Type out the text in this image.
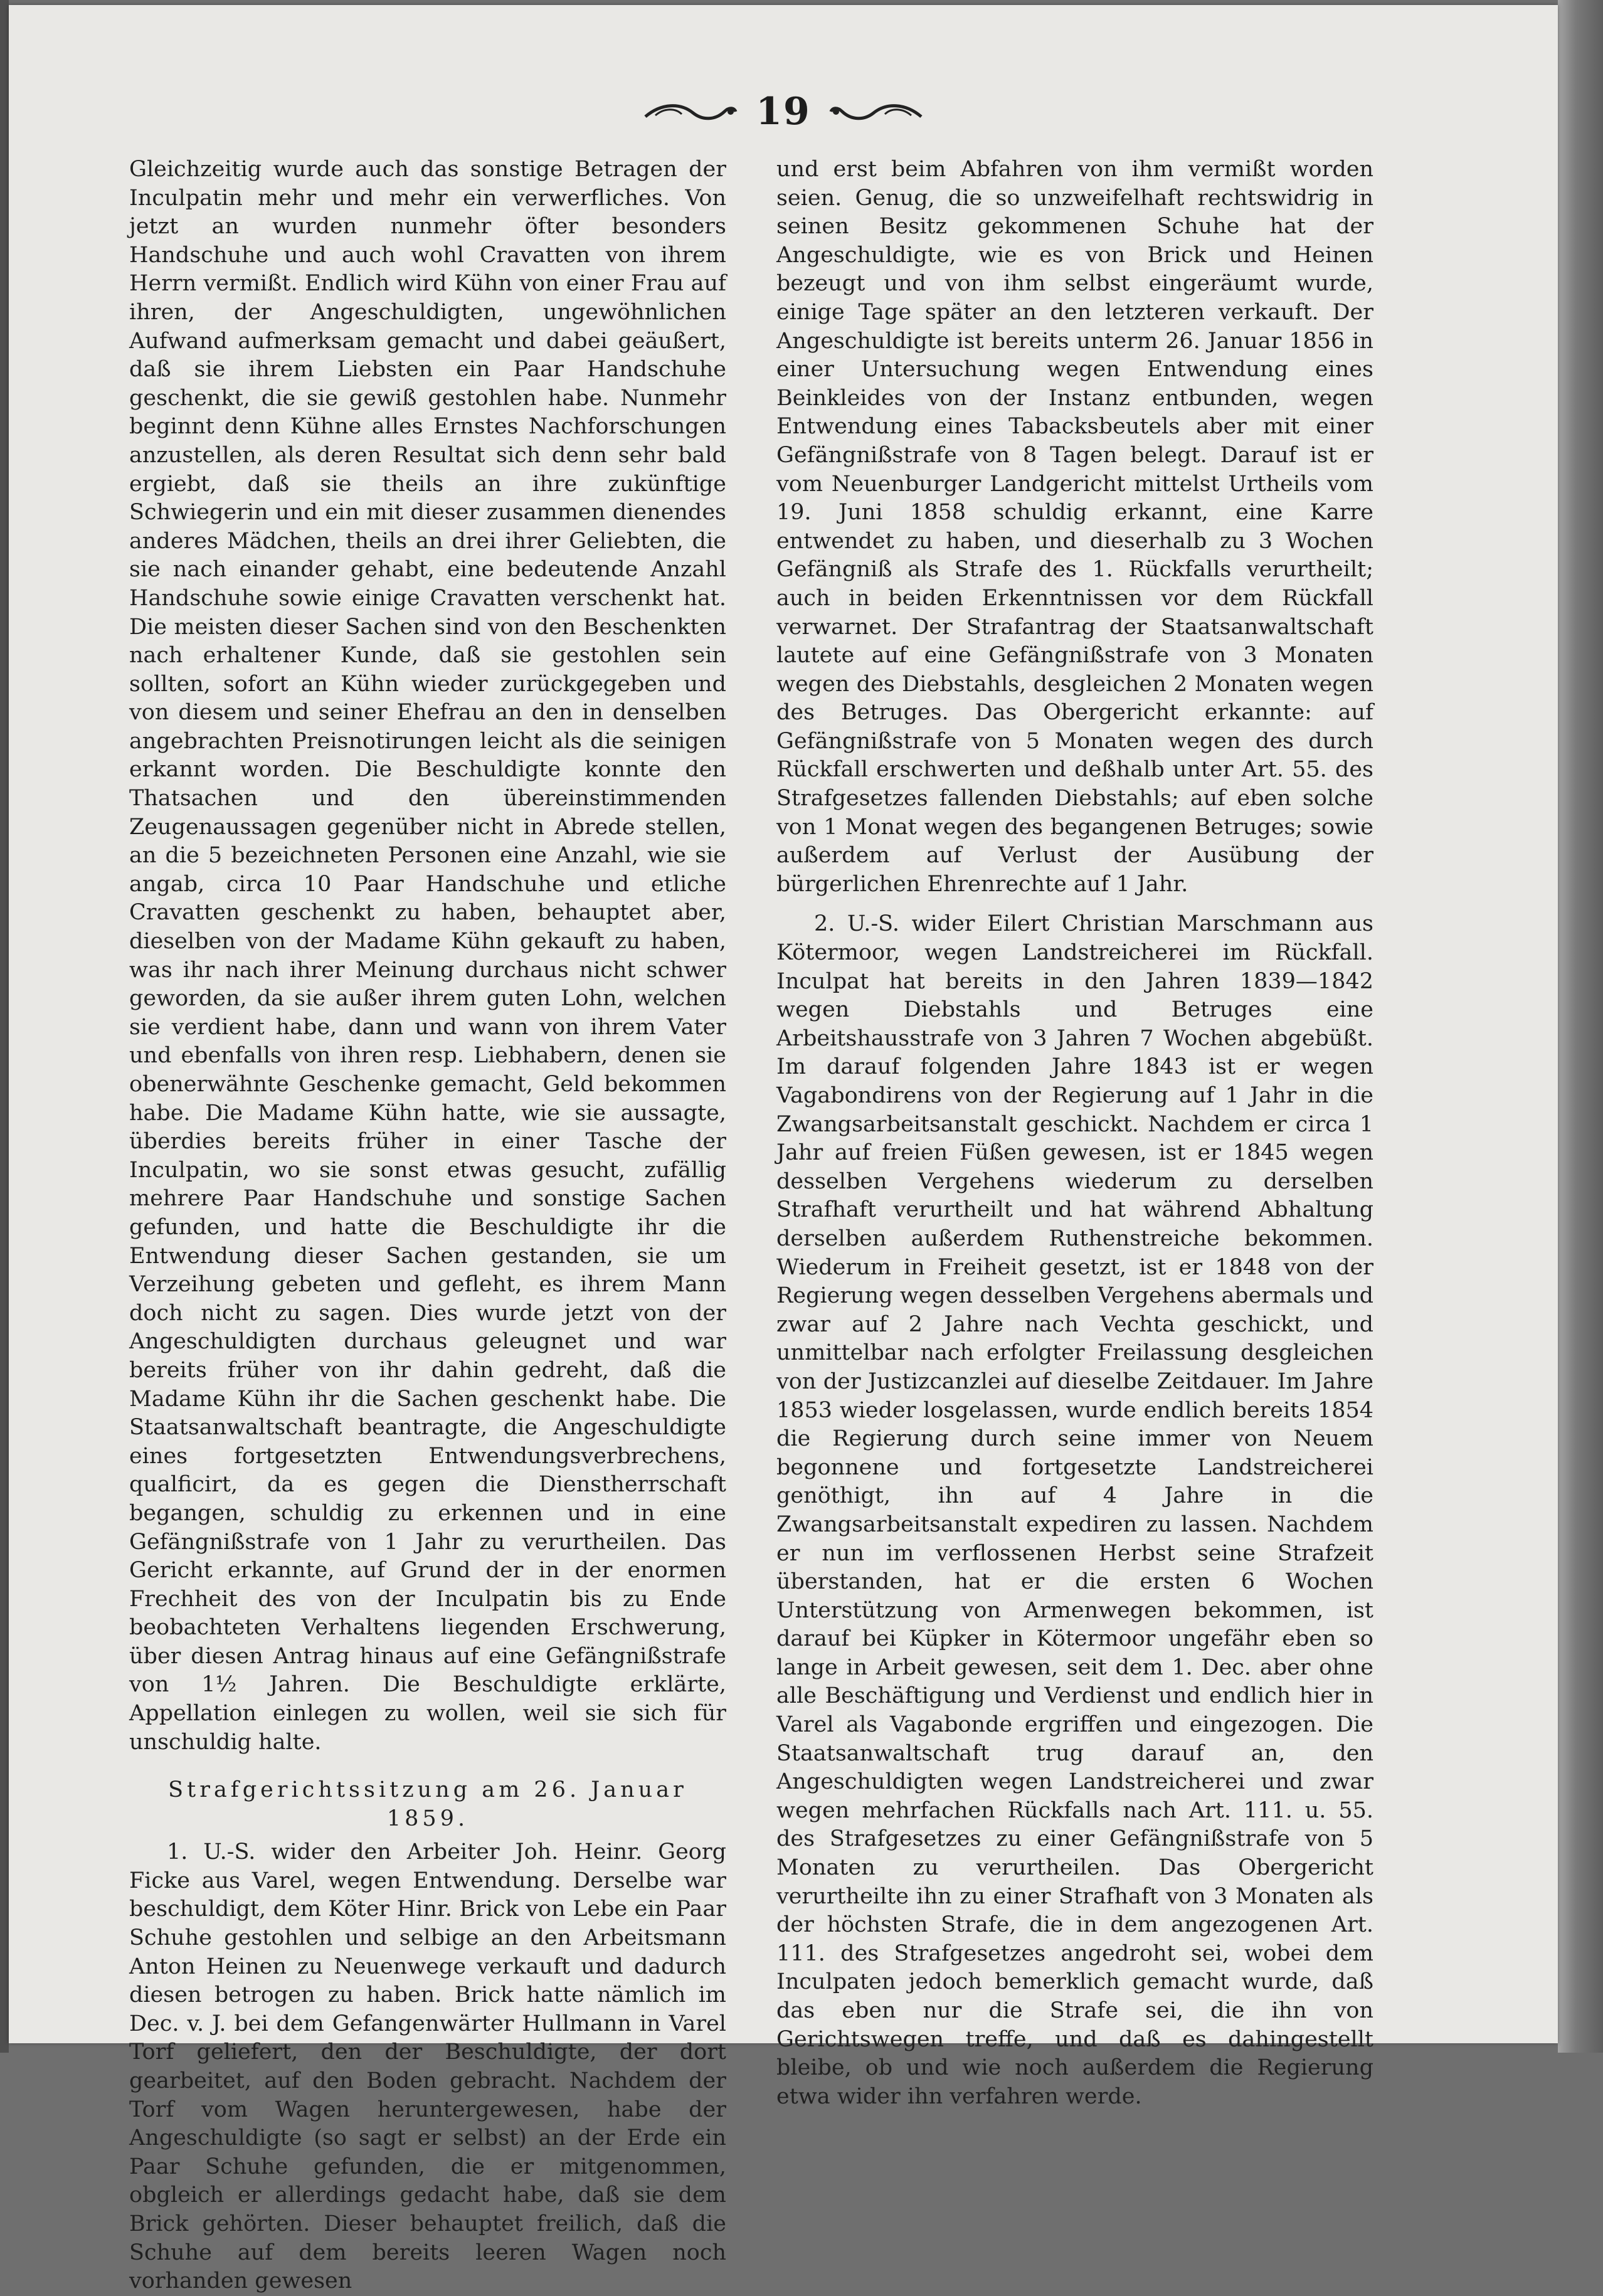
19

Gleichzeitig wurde auch das sonstige Betragen der Inculpatin mehr und mehr ein verwerfliches. Von jetzt an wurden nunmehr öfter besonders Handschuhe und auch wohl Cravatten von ihrem Herrn vermißt. Endlich wird Kühn von einer Frau auf ihren, der Angeschuldigten, ungewöhnlichen Aufwand aufmerksam gemacht und dabei geäußert, daß sie ihrem Liebsten ein Paar Handschuhe geschenkt, die sie gewiß gestohlen habe. Nunmehr beginnt denn Kühne alles Ernstes Nachforschungen anzustellen, als deren Resultat sich denn sehr bald ergiebt, daß sie theils an ihre zukünftige Schwiegerin und ein mit dieser zusammen dienendes anderes Mädchen, theils an drei ihrer Geliebten, die sie nach einander gehabt, eine bedeutende Anzahl Handschuhe sowie einige Cravatten verschenkt hat. Die meisten dieser Sachen sind von den Beschenkten nach erhaltener Kunde, daß sie gestohlen sein sollten, sofort an Kühn wieder zurückgegeben und von diesem und seiner Ehefrau an den in denselben angebrachten Preisnotirungen leicht als die seinigen erkannt worden. Die Beschuldigte konnte den Thatsachen und den übereinstimmenden Zeugenaussagen gegenüber nicht in Abrede stellen, an die 5 bezeichneten Personen eine Anzahl, wie sie angab, circa 10 Paar Handschuhe und etliche Cravatten geschenkt zu haben, behauptet aber, dieselben von der Madame Kühn gekauft zu haben, was ihr nach ihrer Meinung durchaus nicht schwer geworden, da sie außer ihrem guten Lohn, welchen sie verdient habe, dann und wann von ihrem Vater und ebenfalls von ihren resp. Liebhabern, denen sie obenerwähnte Geschenke gemacht, Geld bekommen habe. Die Madame Kühn hatte, wie sie aussagte, überdies bereits früher in einer Tasche der Inculpatin, wo sie sonst etwas gesucht, zufällig mehrere Paar Handschuhe und sonstige Sachen gefunden, und hatte die Beschuldigte ihr die Entwendung dieser Sachen gestanden, sie um Verzeihung gebeten und gefleht, es ihrem Mann doch nicht zu sagen. Dies wurde jetzt von der Angeschuldigten durchaus geleugnet und war bereits früher von ihr dahin gedreht, daß die Madame Kühn ihr die Sachen geschenkt habe. Die Staatsanwaltschaft beantragte, die Angeschuldigte eines fortgesetzten Entwendungsverbrechens, qualficirt, da es gegen die Dienstherrschaft begangen, schuldig zu erkennen und in eine Gefängnißstrafe von 1 Jahr zu verurtheilen. Das Gericht erkannte, auf Grund der in der enormen Frechheit des von der Inculpatin bis zu Ende beobachteten Verhaltens liegenden Erschwerung, über diesen Antrag hinaus auf eine Gefängnißstrafe von 1½ Jahren. Die Beschuldigte erklärte, Appellation einlegen zu wollen, weil sie sich für unschuldig halte.

Strafgerichtssitzung am 26. Januar 1859.

1. U.-S. wider den Arbeiter Joh. Heinr. Georg Ficke aus Varel, wegen Entwendung. Derselbe war beschuldigt, dem Köter Hinr. Brick von Lebe ein Paar Schuhe gestohlen und selbige an den Arbeitsmann Anton Heinen zu Neuenwege verkauft und dadurch diesen betrogen zu haben. Brick hatte nämlich im Dec. v. J. bei dem Gefangenwärter Hullmann in Varel Torf geliefert, den der Beschuldigte, der dort gearbeitet, auf den Boden gebracht. Nachdem der Torf vom Wagen heruntergewesen, habe der Angeschuldigte (so sagt er selbst) an der Erde ein Paar Schuhe gefunden, die er mitgenommen, obgleich er allerdings gedacht habe, daß sie dem Brick gehörten. Dieser behauptet freilich, daß die Schuhe auf dem bereits leeren Wagen noch vorhanden gewesen

und erst beim Abfahren von ihm vermißt worden seien. Genug, die so unzweifelhaft rechtswidrig in seinen Besitz gekommenen Schuhe hat der Angeschuldigte, wie es von Brick und Heinen bezeugt und von ihm selbst eingeräumt wurde, einige Tage später an den letzteren verkauft. Der Angeschuldigte ist bereits unterm 26. Januar 1856 in einer Untersuchung wegen Entwendung eines Beinkleides von der Instanz entbunden, wegen Entwendung eines Tabacksbeutels aber mit einer Gefängnißstrafe von 8 Tagen belegt. Darauf ist er vom Neuenburger Landgericht mittelst Urtheils vom 19. Juni 1858 schuldig erkannt, eine Karre entwendet zu haben, und dieserhalb zu 3 Wochen Gefängniß als Strafe des 1. Rückfalls verurtheilt; auch in beiden Erkenntnissen vor dem Rückfall verwarnet. Der Strafantrag der Staatsanwaltschaft lautete auf eine Gefängnißstrafe von 3 Monaten wegen des Diebstahls, desgleichen 2 Monaten wegen des Betruges. Das Obergericht erkannte: auf Gefängnißstrafe von 5 Monaten wegen des durch Rückfall erschwerten und deßhalb unter Art. 55. des Strafgesetzes fallenden Diebstahls; auf eben solche von 1 Monat wegen des begangenen Betruges; sowie außerdem auf Verlust der Ausübung der bürgerlichen Ehrenrechte auf 1 Jahr.

2. U.-S. wider Eilert Christian Marschmann aus Kötermoor, wegen Landstreicherei im Rückfall. Inculpat hat bereits in den Jahren 1839—1842 wegen Diebstahls und Betruges eine Arbeitshausstrafe von 3 Jahren 7 Wochen abgebüßt. Im darauf folgenden Jahre 1843 ist er wegen Vagabondirens von der Regierung auf 1 Jahr in die Zwangsarbeitsanstalt geschickt. Nachdem er circa 1 Jahr auf freien Füßen gewesen, ist er 1845 wegen desselben Vergehens wiederum zu derselben Strafhaft verurtheilt und hat während Abhaltung derselben außerdem Ruthenstreiche bekommen. Wiederum in Freiheit gesetzt, ist er 1848 von der Regierung wegen desselben Vergehens abermals und zwar auf 2 Jahre nach Vechta geschickt, und unmittelbar nach erfolgter Freilassung desgleichen von der Justizcanzlei auf dieselbe Zeitdauer. Im Jahre 1853 wieder losgelassen, wurde endlich bereits 1854 die Regierung durch seine immer von Neuem begonnene und fortgesetzte Landstreicherei genöthigt, ihn auf 4 Jahre in die Zwangsarbeitsanstalt expediren zu lassen. Nachdem er nun im verflossenen Herbst seine Strafzeit überstanden, hat er die ersten 6 Wochen Unterstützung von Armenwegen bekommen, ist darauf bei Küpker in Kötermoor ungefähr eben so lange in Arbeit gewesen, seit dem 1. Dec. aber ohne alle Beschäftigung und Verdienst und endlich hier in Varel als Vagabonde ergriffen und eingezogen. Die Staatsanwaltschaft trug darauf an, den Angeschuldigten wegen Landstreicherei und zwar wegen mehrfachen Rückfalls nach Art. 111. u. 55. des Strafgesetzes zu einer Gefängnißstrafe von 5 Monaten zu verurtheilen. Das Obergericht verurtheilte ihn zu einer Strafhaft von 3 Monaten als der höchsten Strafe, die in dem angezogenen Art. 111. des Strafgesetzes angedroht sei, wobei dem Inculpaten jedoch bemerklich gemacht wurde, daß das eben nur die Strafe sei, die ihn von Gerichtswegen treffe, und daß es dahingestellt bleibe, ob und wie noch außerdem die Regierung etwa wider ihn verfahren werde.
